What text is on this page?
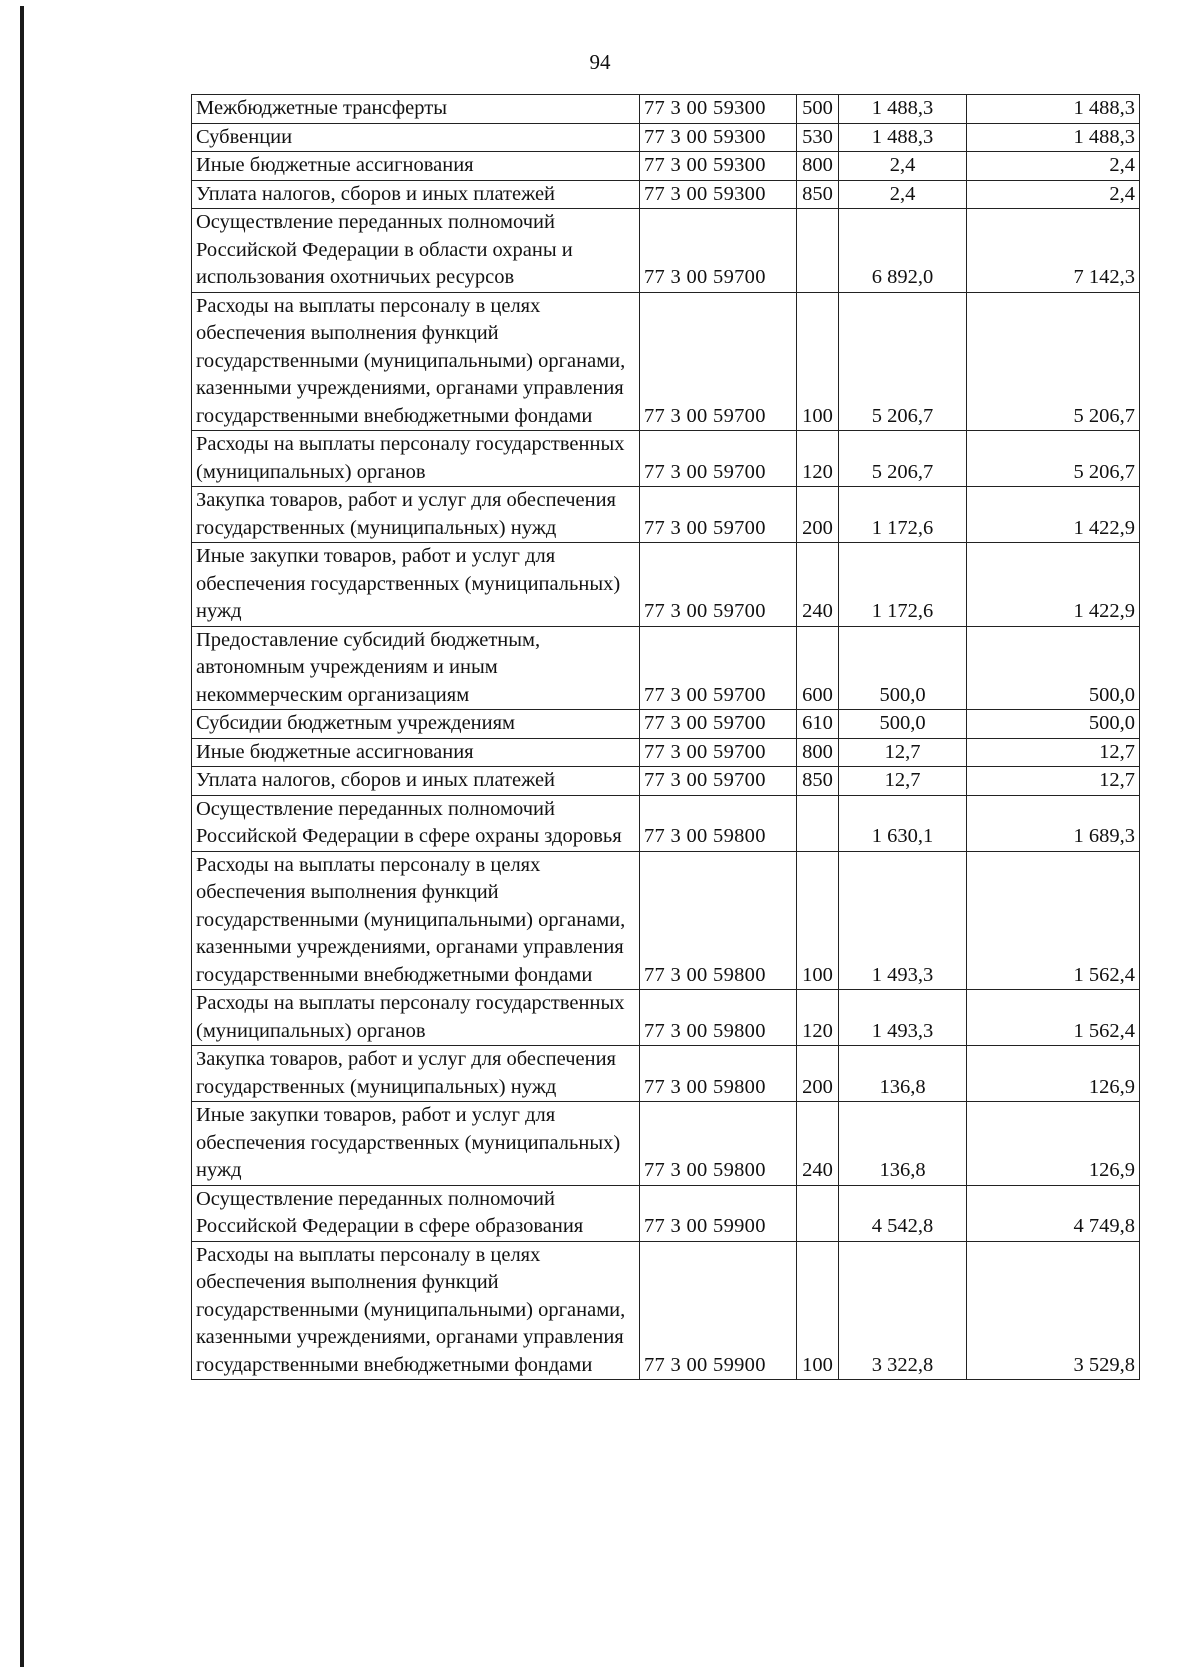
94
Межбюджетные трансферты	77 3 00 59300	500	1 488,3	1 488,3
Субвенции	77 3 00 59300	530	1 488,3	1 488,3
Иные бюджетные ассигнования	77 3 00 59300	800	2,4	2,4
Уплата налогов, сборов и иных платежей	77 3 00 59300	850	2,4	2,4
Осуществление переданных полномочий Российской Федерации в области охраны и использования охотничьих ресурсов	77 3 00 59700		6 892,0	7 142,3
Расходы на выплаты персоналу в целях обеспечения выполнения функций государственными (муниципальными) органами, казенными учреждениями, органами управления государственными внебюджетными фондами	77 3 00 59700	100	5 206,7	5 206,7
Расходы на выплаты персоналу государственных (муниципальных) органов	77 3 00 59700	120	5 206,7	5 206,7
Закупка товаров, работ и услуг для обеспечения государственных (муниципальных) нужд	77 3 00 59700	200	1 172,6	1 422,9
Иные закупки товаров, работ и услуг для обеспечения государственных (муниципальных) нужд	77 3 00 59700	240	1 172,6	1 422,9
Предоставление субсидий бюджетным, автономным учреждениям и иным некоммерческим организациям	77 3 00 59700	600	500,0	500,0
Субсидии бюджетным учреждениям	77 3 00 59700	610	500,0	500,0
Иные бюджетные ассигнования	77 3 00 59700	800	12,7	12,7
Уплата налогов, сборов и иных платежей	77 3 00 59700	850	12,7	12,7
Осуществление переданных полномочий Российской Федерации в сфере охраны здоровья	77 3 00 59800		1 630,1	1 689,3
Расходы на выплаты персоналу в целях обеспечения выполнения функций государственными (муниципальными) органами, казенными учреждениями, органами управления государственными внебюджетными фондами	77 3 00 59800	100	1 493,3	1 562,4
Расходы на выплаты персоналу государственных (муниципальных) органов	77 3 00 59800	120	1 493,3	1 562,4
Закупка товаров, работ и услуг для обеспечения государственных (муниципальных) нужд	77 3 00 59800	200	136,8	126,9
Иные закупки товаров, работ и услуг для обеспечения государственных (муниципальных) нужд	77 3 00 59800	240	136,8	126,9
Осуществление переданных полномочий Российской Федерации в сфере образования	77 3 00 59900		4 542,8	4 749,8
Расходы на выплаты персоналу в целях обеспечения выполнения функций государственными (муниципальными) органами, казенными учреждениями, органами управления государственными внебюджетными фондами	77 3 00 59900	100	3 322,8	3 529,8
